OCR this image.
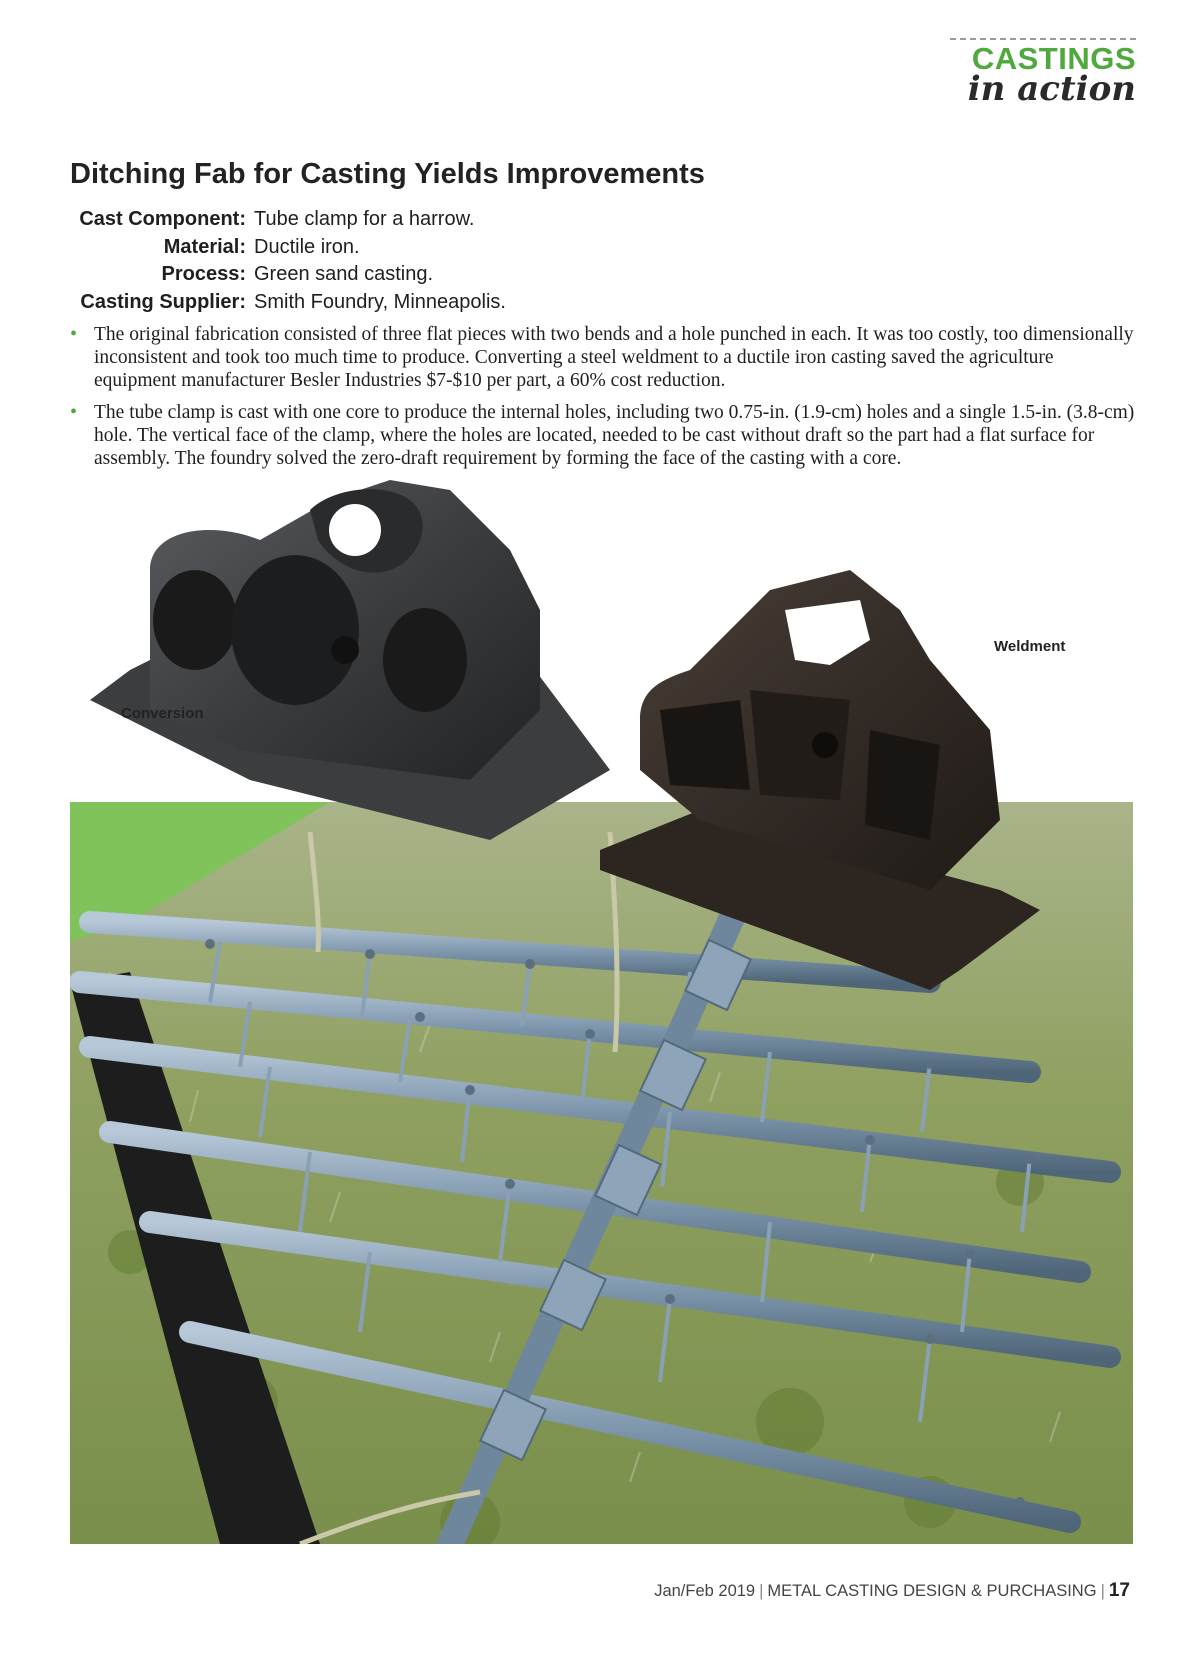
CASTINGS
in action
Ditching Fab for Casting Yields Improvements
Cast Component: Tube clamp for a harrow.
Material: Ductile iron.
Process: Green sand casting.
Casting Supplier: Smith Foundry, Minneapolis.
• The original fabrication consisted of three flat pieces with two bends and a hole punched in each. It was too costly, too dimensionally inconsistent and took too much time to produce. Converting a steel weldment to a ductile iron casting saved the agriculture equipment manufacturer Besler Industries $7-$10 per part, a 60% cost reduction.
• The tube clamp is cast with one core to produce the internal holes, including two 0.75-in. (1.9-cm) holes and a single 1.5-in. (3.8-cm) hole. The vertical face of the clamp, where the holes are located, needed to be cast without draft so the part had a flat surface for assembly. The foundry solved the zero-draft requirement by forming the face of the casting with a core.
Conversion
Weldment
Jan/Feb 2019 | METAL CASTING DESIGN & PURCHASING | 17
